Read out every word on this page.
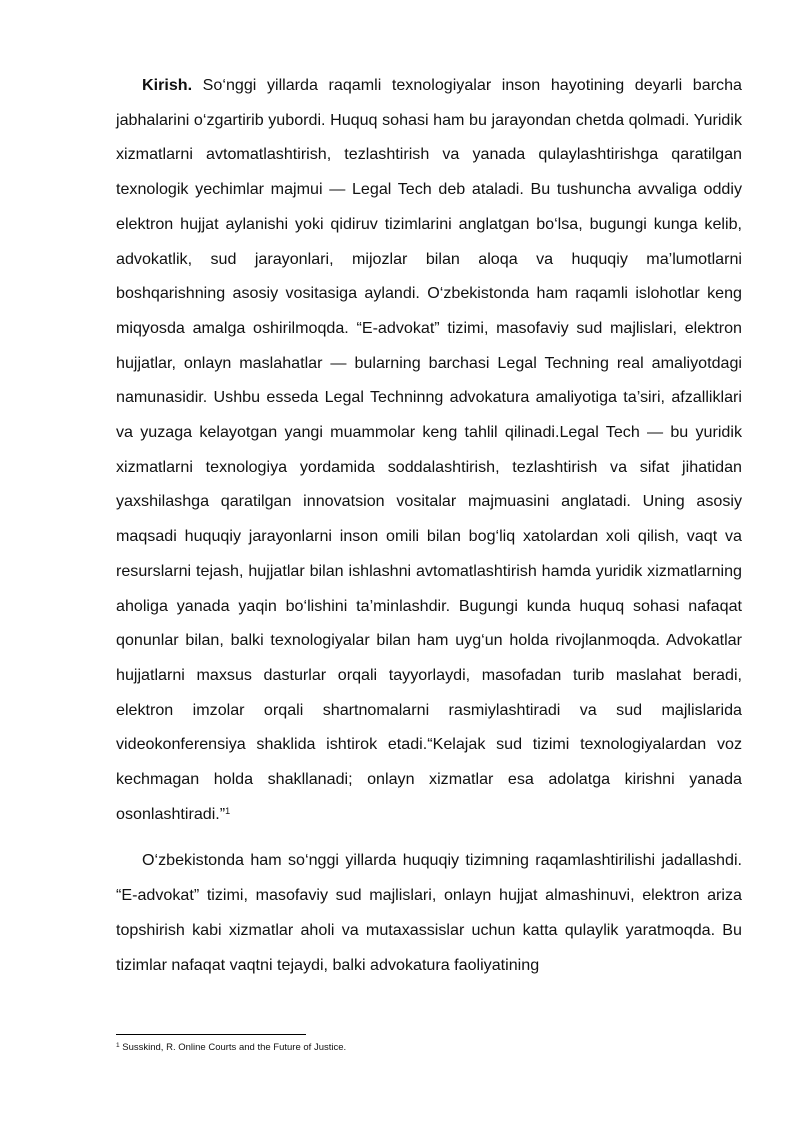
Kirish. So‘nggi yillarda raqamli texnologiyalar inson hayotining deyarli barcha jabhalarini o‘zgartirib yubordi. Huquq sohasi ham bu jarayondan chetda qolmadi. Yuridik xizmatlarni avtomatlashtirish, tezlashtirish va yanada qulaylashtirishga qaratilgan texnologik yechimlar majmui — Legal Tech deb ataladi. Bu tushuncha avvaliga oddiy elektron hujjat aylanishi yoki qidiruv tizimlarini anglatgan bo‘lsa, bugungi kunga kelib, advokatlik, sud jarayonlari, mijozlar bilan aloqa va huquqiy ma’lumotlarni boshqarishning asosiy vositasiga aylandi. O‘zbekistonda ham raqamli islohotlar keng miqyosda amalga oshirilmoqda. “E-advokat” tizimi, masofaviy sud majlislari, elektron hujjatlar, onlayn maslahatlar — bularning barchasi Legal Techning real amaliyotdagi namunasidir. Ushbu esseda Legal Techninng advokatura amaliyotiga ta’siri, afzalliklari va yuzaga kelayotgan yangi muammolar keng tahlil qilinadi.Legal Tech — bu yuridik xizmatlarni texnologiya yordamida soddalashtirish, tezlashtirish va sifat jihatidan yaxshilashga qaratilgan innovatsion vositalar majmuasini anglatadi. Uning asosiy maqsadi huquqiy jarayonlarni inson omili bilan bog‘liq xatolardan xoli qilish, vaqt va resurslarni tejash, hujjatlar bilan ishlashni avtomatlashtirish hamda yuridik xizmatlarning aholiga yanada yaqin bo‘lishini ta’minlashdir. Bugungi kunda huquq sohasi nafaqat qonunlar bilan, balki texnologiyalar bilan ham uyg‘un holda rivojlanmoqda. Advokatlar hujjatlarni maxsus dasturlar orqali tayyorlaydi, masofadan turib maslahat beradi, elektron imzolar orqali shartnomalarni rasmiylashtiradi va sud majlislarida videokonferensiya shaklida ishtirok etadi.“Kelajak sud tizimi texnologiyalardan voz kechmagan holda shakllanadi; onlayn xizmatlar esa adolatga kirishni yanada osonlashtiradi.”$^1$

O‘zbekistonda ham so‘nggi yillarda huquqiy tizimning raqamlashtirilishi jadallashdi. “E-advokat” tizimi, masofaviy sud majlislari, onlayn hujjat almashinuvi, elektron ariza topshirish kabi xizmatlar aholi va mutaxassislar uchun katta qulaylik yaratmoqda. Bu tizimlar nafaqat vaqtni tejaydi, balki advokatura faoliyatining

$^1$ Susskind, R. Online Courts and the Future of Justice.
